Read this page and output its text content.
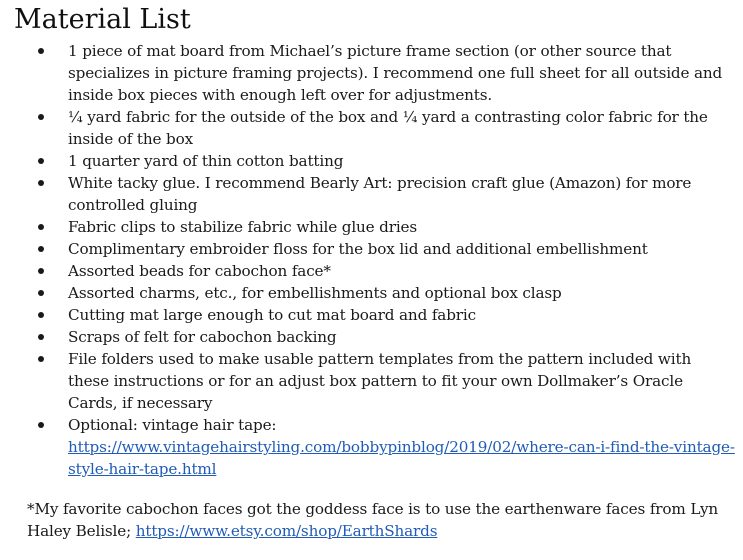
Material List
1 piece of mat board from Michael’s picture frame section (or other source that specializes in picture framing projects). I recommend one full sheet for all outside and inside box pieces with enough left over for adjustments.
¼ yard fabric for the outside of the box and ¼ yard a contrasting color fabric for the inside of the box
1 quarter yard of thin cotton batting
White tacky glue. I recommend Bearly Art: precision craft glue (Amazon) for more controlled gluing
Fabric clips to stabilize fabric while glue dries
Complimentary embroider floss for the box lid and additional embellishment
Assorted beads for cabochon face*
Assorted charms, etc., for embellishments and optional box clasp
Cutting mat large enough to cut mat board and fabric
Scraps of felt for cabochon backing
File folders used to make usable pattern templates from the pattern included with these instructions or for an adjust box pattern to fit your own Dollmaker’s Oracle Cards, if necessary
Optional: vintage hair tape:
https://www.vintagehairstyling.com/bobbypinblog/2019/02/where-can-i-find-the-vintage-style-hair-tape.html
*My favorite cabochon faces got the goddess face is to use the earthenware faces from Lyn Haley Belisle; https://www.etsy.com/shop/EarthShards
